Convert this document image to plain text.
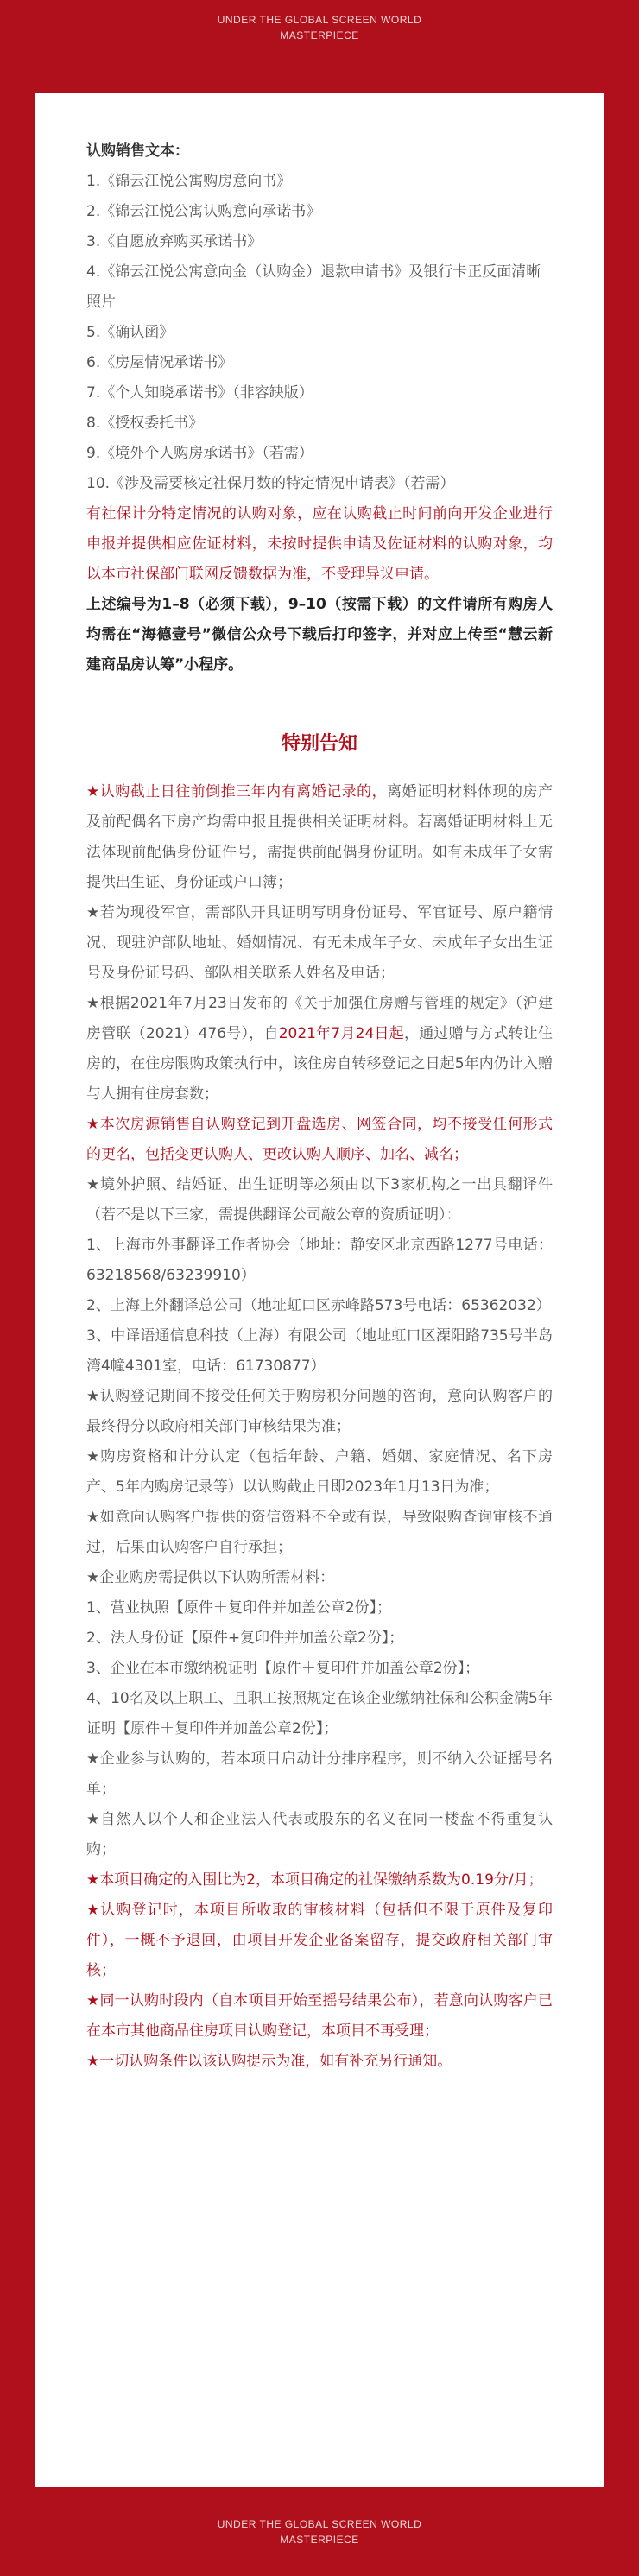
UNDER THE GLOBAL SCREEN WORLD
MASTERPIECE

认购销售文本：

1.《锦云江悦公寓购房意向书》

2.《锦云江悦公寓认购意向承诺书》

3.《自愿放弃购买承诺书》

4.《锦云江悦公寓意向金（认购金）退款申请书》及银行卡正反面清晰照片

5.《确认函》

6.《房屋情况承诺书》

7.《个人知晓承诺书》（非容缺版）

8.《授权委托书》

9.《境外个人购房承诺书》（若需）

10.《涉及需要核定社保月数的特定情况申请表》（若需）

有社保计分特定情况的认购对象，应在认购截止时间前向开发企业进行申报并提供相应佐证材料，未按时提供申请及佐证材料的认购对象，均以本市社保部门联网反馈数据为准，不受理异议申请。

上述编号为1–8（必须下载），9–10（按需下载）的文件请所有购房人均需在“海德壹号”微信公众号下载后打印签字，并对应上传至“慧云新建商品房认筹”小程序。

特别告知

★认购截止日往前倒推三年内有离婚记录的，离婚证明材料体现的房产及前配偶名下房产均需申报且提供相关证明材料。若离婚证明材料上无法体现前配偶身份证件号，需提供前配偶身份证明。如有未成年子女需提供出生证、身份证或户口簿；

★若为现役军官，需部队开具证明写明身份证号、军官证号、原户籍情况、现驻沪部队地址、婚姻情况、有无未成年子女、未成年子女出生证号及身份证号码、部队相关联系人姓名及电话；

★根据2021年7月23日发布的《关于加强住房赠与管理的规定》（沪建房管联（2021）476号），自2021年7月24日起，通过赠与方式转让住房的，在住房限购政策执行中，该住房自转移登记之日起5年内仍计入赠与人拥有住房套数；

★本次房源销售自认购登记到开盘选房、网签合同，均不接受任何形式的更名，包括变更认购人、更改认购人顺序、加名、减名；

★境外护照、结婚证、出生证明等必须由以下3家机构之一出具翻译件（若不是以下三家，需提供翻译公司敲公章的资质证明）：

1、上海市外事翻译工作者协会（地址：静安区北京西路1277号电话：63218568/63239910）

2、上海上外翻译总公司（地址虹口区赤峰路573号电话：65362032）

3、中译语通信息科技（上海）有限公司（地址虹口区溧阳路735号半岛湾4幢4301室，电话：61730877）

★认购登记期间不接受任何关于购房积分问题的咨询，意向认购客户的最终得分以政府相关部门审核结果为准；

★购房资格和计分认定（包括年龄、户籍、婚姻、家庭情况、名下房产、5年内购房记录等）以认购截止日即2023年1月13日为准；

★如意向认购客户提供的资信资料不全或有误，导致限购查询审核不通过，后果由认购客户自行承担；

★企业购房需提供以下认购所需材料：

1、营业执照【原件＋复印件并加盖公章2份】；

2、法人身份证【原件+复印件并加盖公章2份】；

3、企业在本市缴纳税证明【原件＋复印件并加盖公章2份】；

4、10名及以上职工、且职工按照规定在该企业缴纳社保和公积金满5年证明【原件＋复印件并加盖公章2份】；

★企业参与认购的，若本项目启动计分排序程序，则不纳入公证摇号名单；

★自然人以个人和企业法人代表或股东的名义在同一楼盘不得重复认购；

★本项目确定的入围比为2，本项目确定的社保缴纳系数为0.19分/月；

★认购登记时，本项目所收取的审核材料（包括但不限于原件及复印件），一概不予退回，由项目开发企业备案留存，提交政府相关部门审核；

★同一认购时段内（自本项目开始至摇号结果公布），若意向认购客户已在本市其他商品住房项目认购登记，本项目不再受理；

★一切认购条件以该认购提示为准，如有补充另行通知。

UNDER THE GLOBAL SCREEN WORLD
MASTERPIECE
